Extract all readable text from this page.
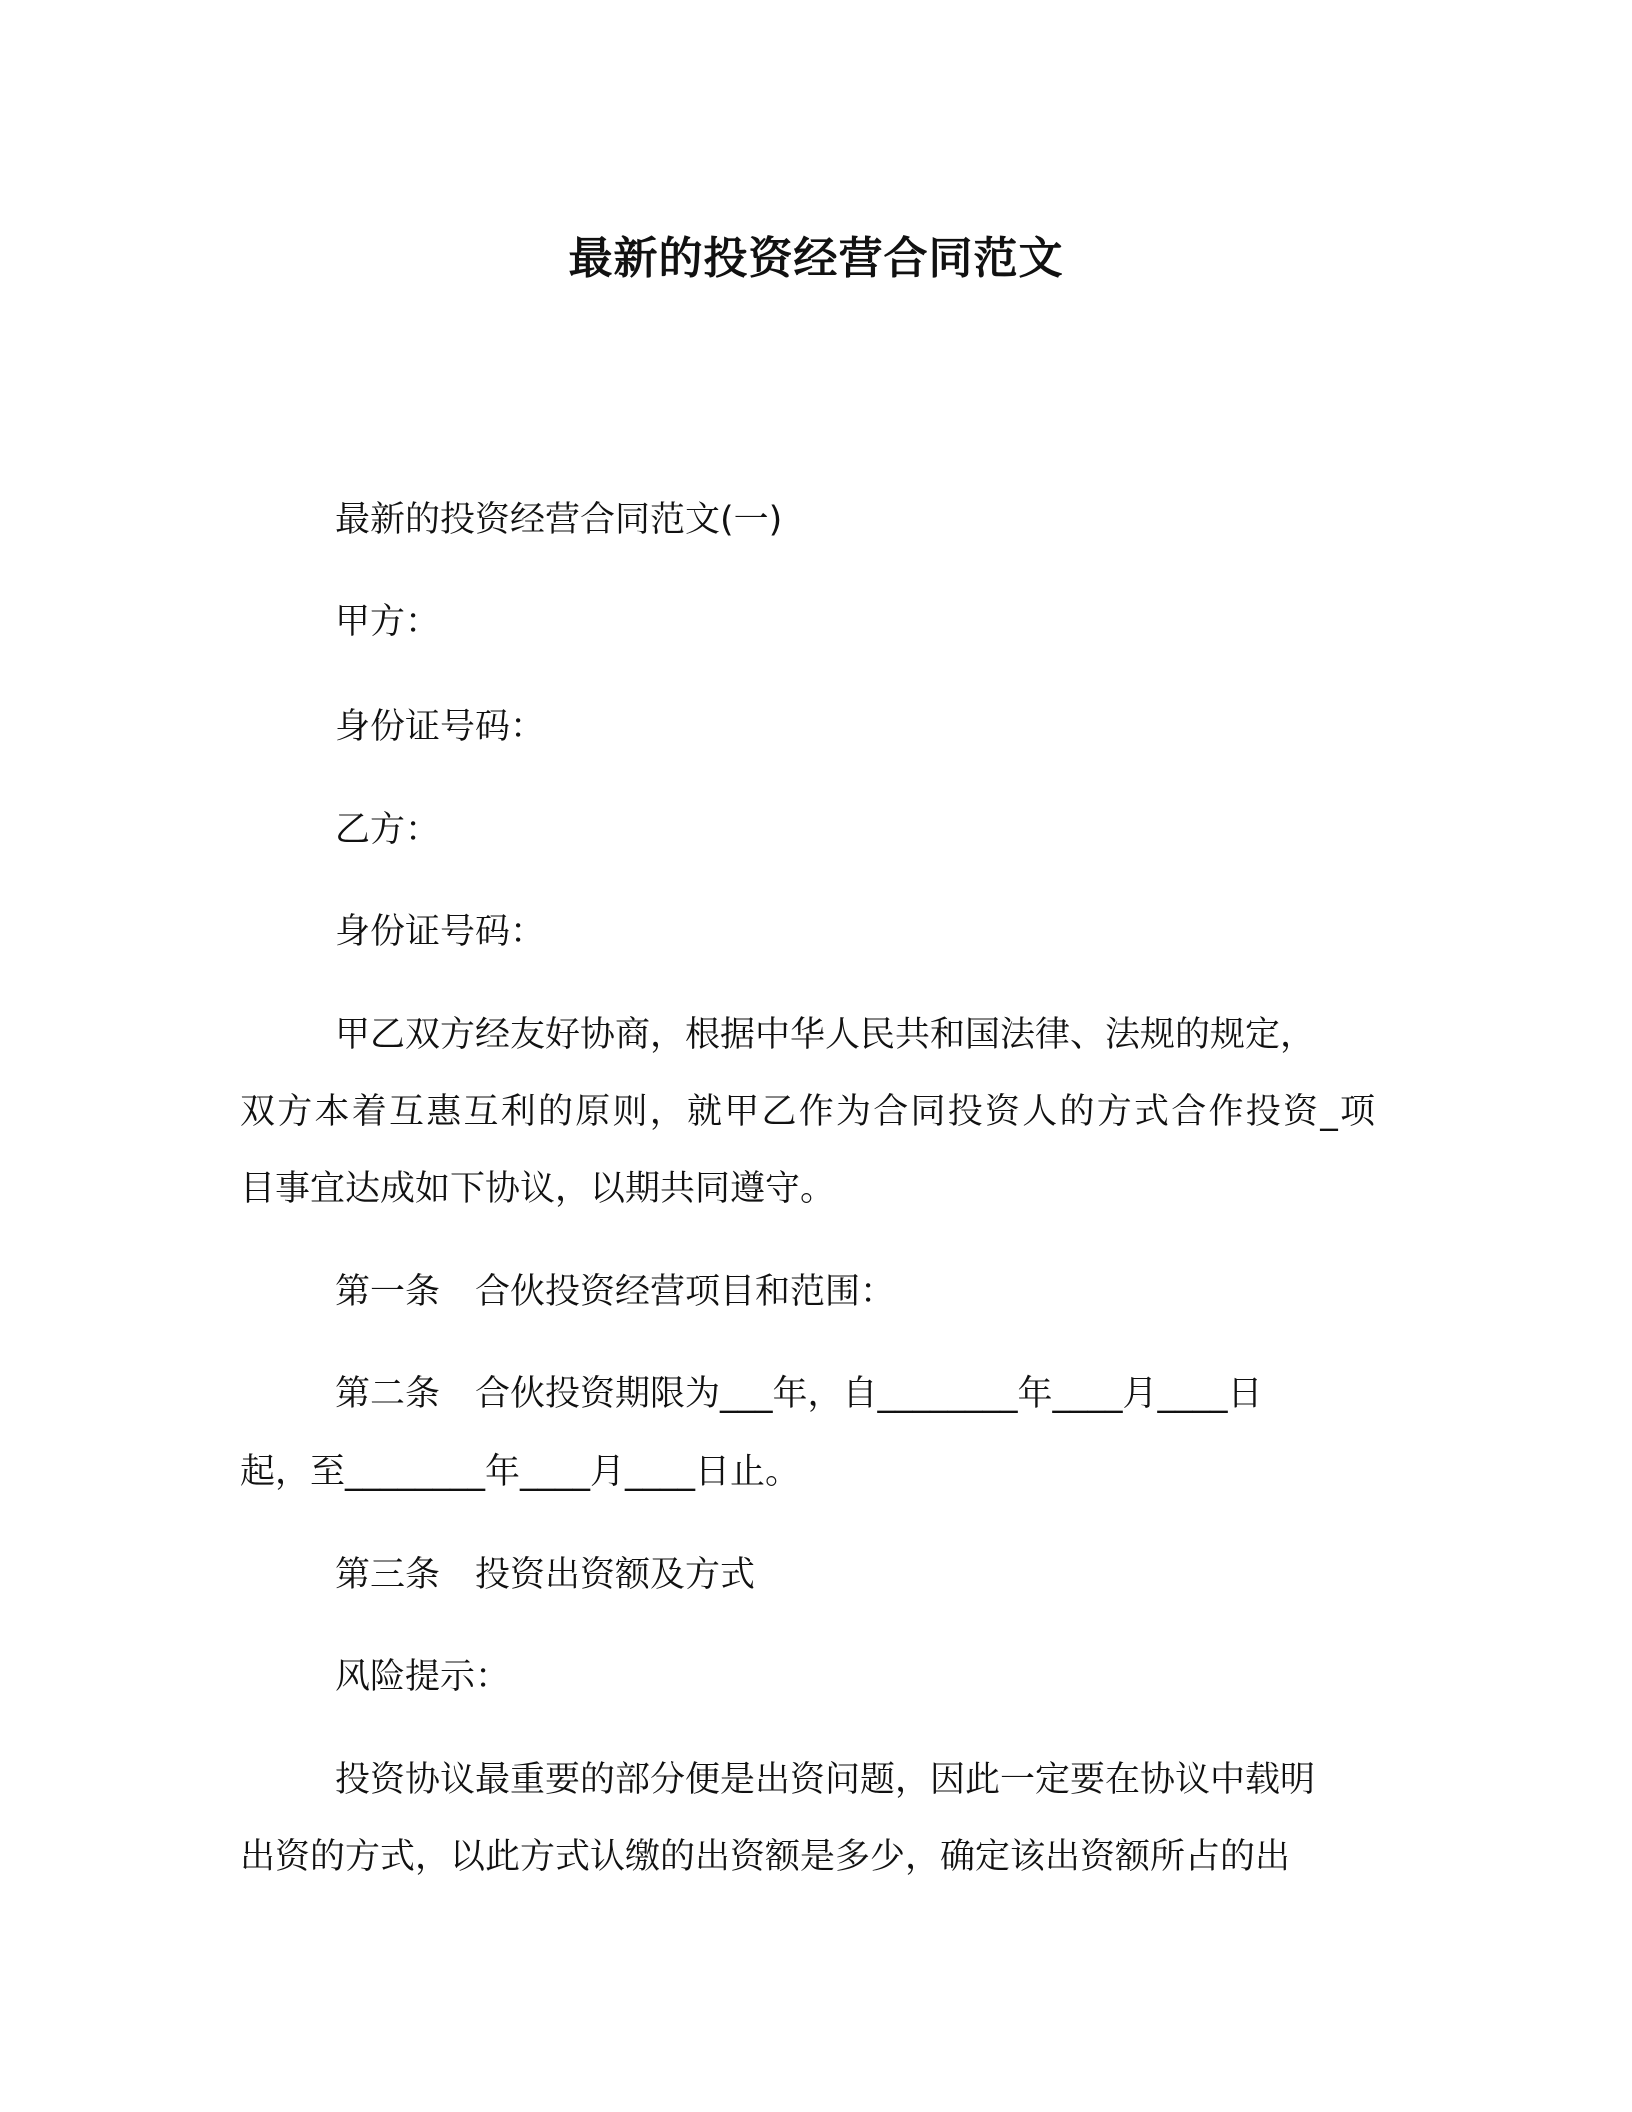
最新的投资经营合同范文
最新的投资经营合同范文(一)
甲方：
身份证号码：
乙方：
身份证号码：
甲乙双方经友好协商，根据中华人民共和国法律、法规的规定，
双方本着互惠互利的原则，就甲乙作为合同投资人的方式合作投资_项
目事宜达成如下协议，以期共同遵守。
第一条　合伙投资经营项目和范围：
第二条　合伙投资期限为___年，自________年____月____日
起，至________年____月____日止。
第三条　投资出资额及方式
风险提示：
投资协议最重要的部分便是出资问题，因此一定要在协议中载明
出资的方式，以此方式认缴的出资额是多少，确定该出资额所占的出
